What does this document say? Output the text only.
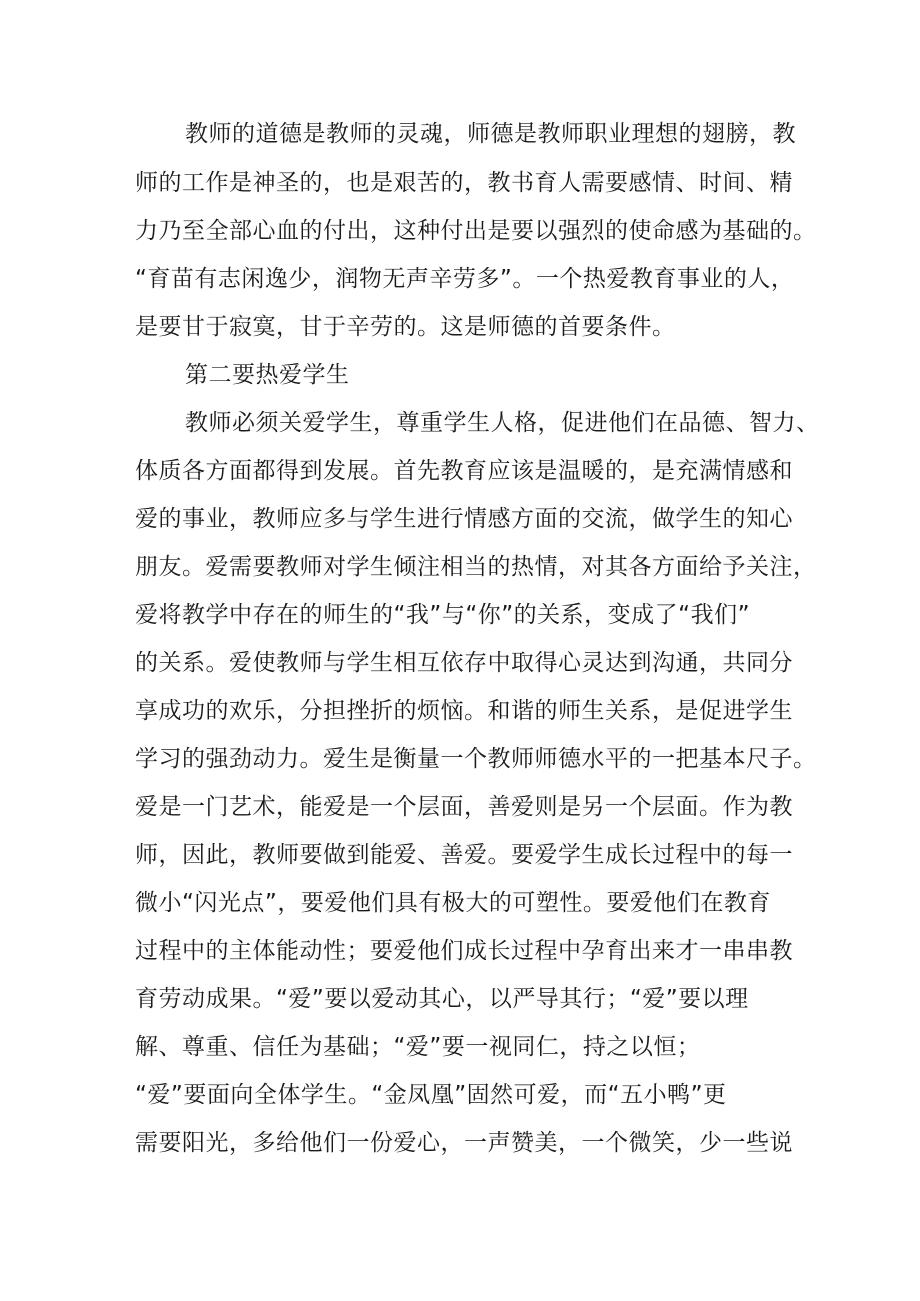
教师的道德是教师的灵魂，师德是教师职业理想的翅膀，教

师的工作是神圣的，也是艰苦的，教书育人需要感情、时间、精

力乃至全部心血的付出，这种付出是要以强烈的使命感为基础的。

“育苗有志闲逸少，润物无声辛劳多”。一个热爱教育事业的人，

是要甘于寂寞，甘于辛劳的。这是师德的首要条件。

第二要热爱学生

教师必须关爱学生，尊重学生人格，促进他们在品德、智力、

体质各方面都得到发展。首先教育应该是温暖的，是充满情感和

爱的事业，教师应多与学生进行情感方面的交流，做学生的知心

朋友。爱需要教师对学生倾注相当的热情，对其各方面给予关注，

爱将教学中存在的师生的“我”与“你”的关系，变成了“我们”

的关系。爱使教师与学生相互依存中取得心灵达到沟通，共同分

享成功的欢乐，分担挫折的烦恼。和谐的师生关系，是促进学生

学习的强劲动力。爱生是衡量一个教师师德水平的一把基本尺子。

爱是一门艺术，能爱是一个层面，善爱则是另一个层面。作为教

师，因此，教师要做到能爱、善爱。要爱学生成长过程中的每一

微小“闪光点”，要爱他们具有极大的可塑性。要爱他们在教育

过程中的主体能动性；要爱他们成长过程中孕育出来才一串串教

育劳动成果。“爱”要以爱动其心，以严导其行；“爱”要以理

解、尊重、信任为基础；“爱”要一视同仁，持之以恒；

“爱”要面向全体学生。“金凤凰”固然可爱，而“五小鸭”更

需要阳光，多给他们一份爱心，一声赞美，一个微笑，少一些说
